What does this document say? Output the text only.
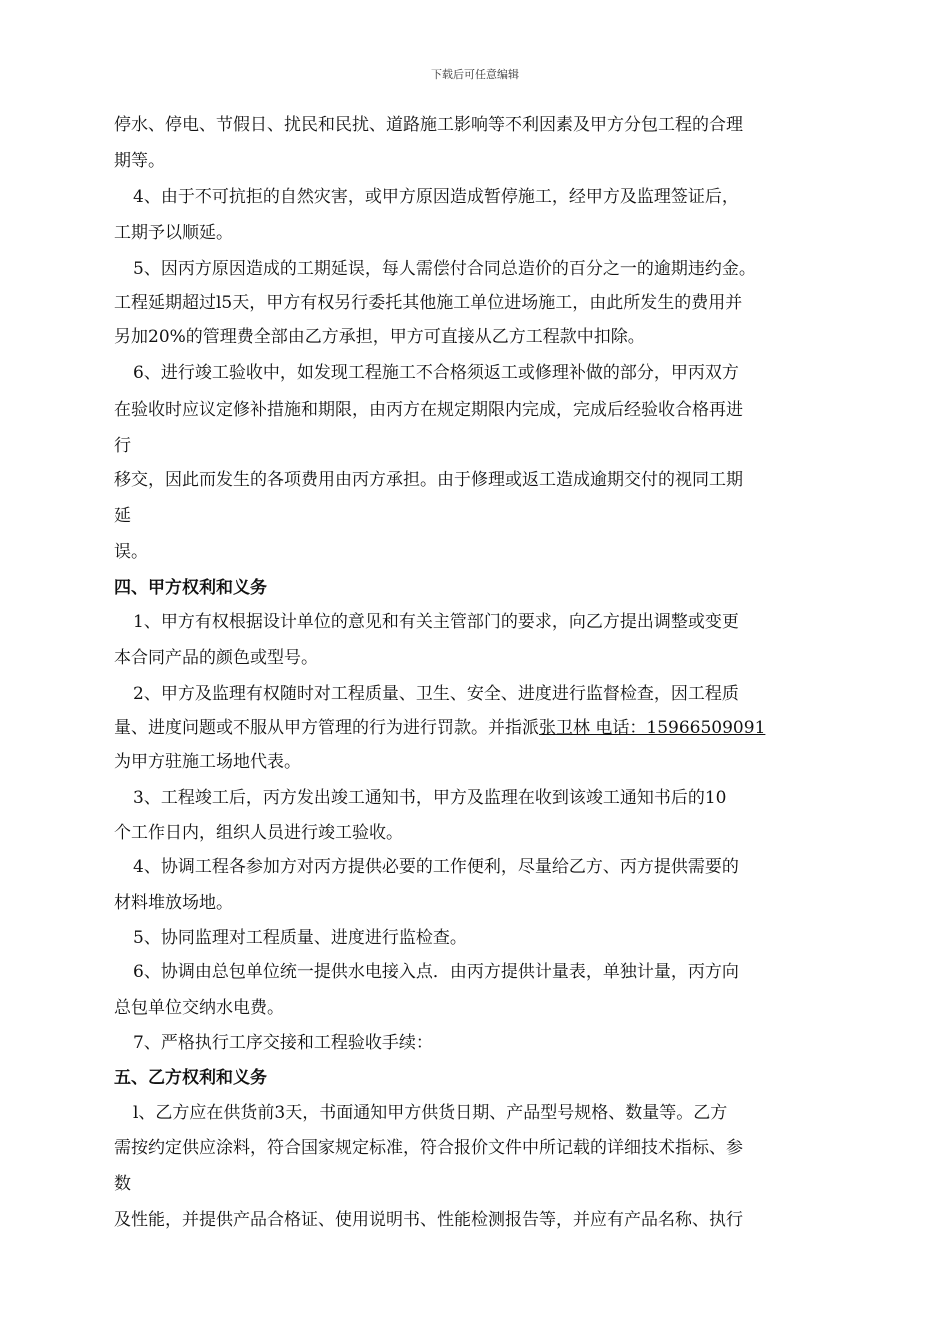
下载后可任意编辑
停水、停电、节假日、扰民和民扰、道路施工影响等不利因素及甲方分包工程的合理
期等。
4、由于不可抗拒的自然灾害，或甲方原因造成暂停施工，经甲方及监理签证后，
工期予以顺延。
5、因丙方原因造成的工期延误，每人需偿付合同总造价的百分之一的逾期违约金。
工程延期超过l5天，甲方有权另行委托其他施工单位进场施工，由此所发生的费用并
另加20%的管理费全部由乙方承担，甲方可直接从乙方工程款中扣除。
6、进行竣工验收中，如发现工程施工不合格须返工或修理补做的部分，甲丙双方
在验收时应议定修补措施和期限，由丙方在规定期限内完成，完成后经验收合格再进
行
移交，因此而发生的各项费用由丙方承担。由于修理或返工造成逾期交付的视同工期
延
误。
四、甲方权利和义务
1、甲方有权根据设计单位的意见和有关主管部门的要求，向乙方提出调整或变更
本合同产品的颜色或型号。
2、甲方及监理有权随时对工程质量、卫生、安全、进度进行监督检查，因工程质
量、进度问题或不服从甲方管理的行为进行罚款。并指派张卫林 电话：15966509091
为甲方驻施工场地代表。
3、工程竣工后，丙方发出竣工通知书，甲方及监理在收到该竣工通知书后的10
个工作日内，组织人员进行竣工验收。
4、协调工程各参加方对丙方提供必要的工作便利，尽量给乙方、丙方提供需要的
材料堆放场地。
5、协同监理对工程质量、进度进行监检查。
6、协调由总包单位统一提供水电接入点．由丙方提供计量表，单独计量，丙方向
总包单位交纳水电费。
7、严格执行工序交接和工程验收手续：
五、乙方权利和义务
l、乙方应在供货前3天，书面通知甲方供货日期、产品型号规格、数量等。乙方
需按约定供应涂料，符合国家规定标准，符合报价文件中所记载的详细技术指标、参
数
及性能，并提供产品合格证、使用说明书、性能检测报告等，并应有产品名称、执行
